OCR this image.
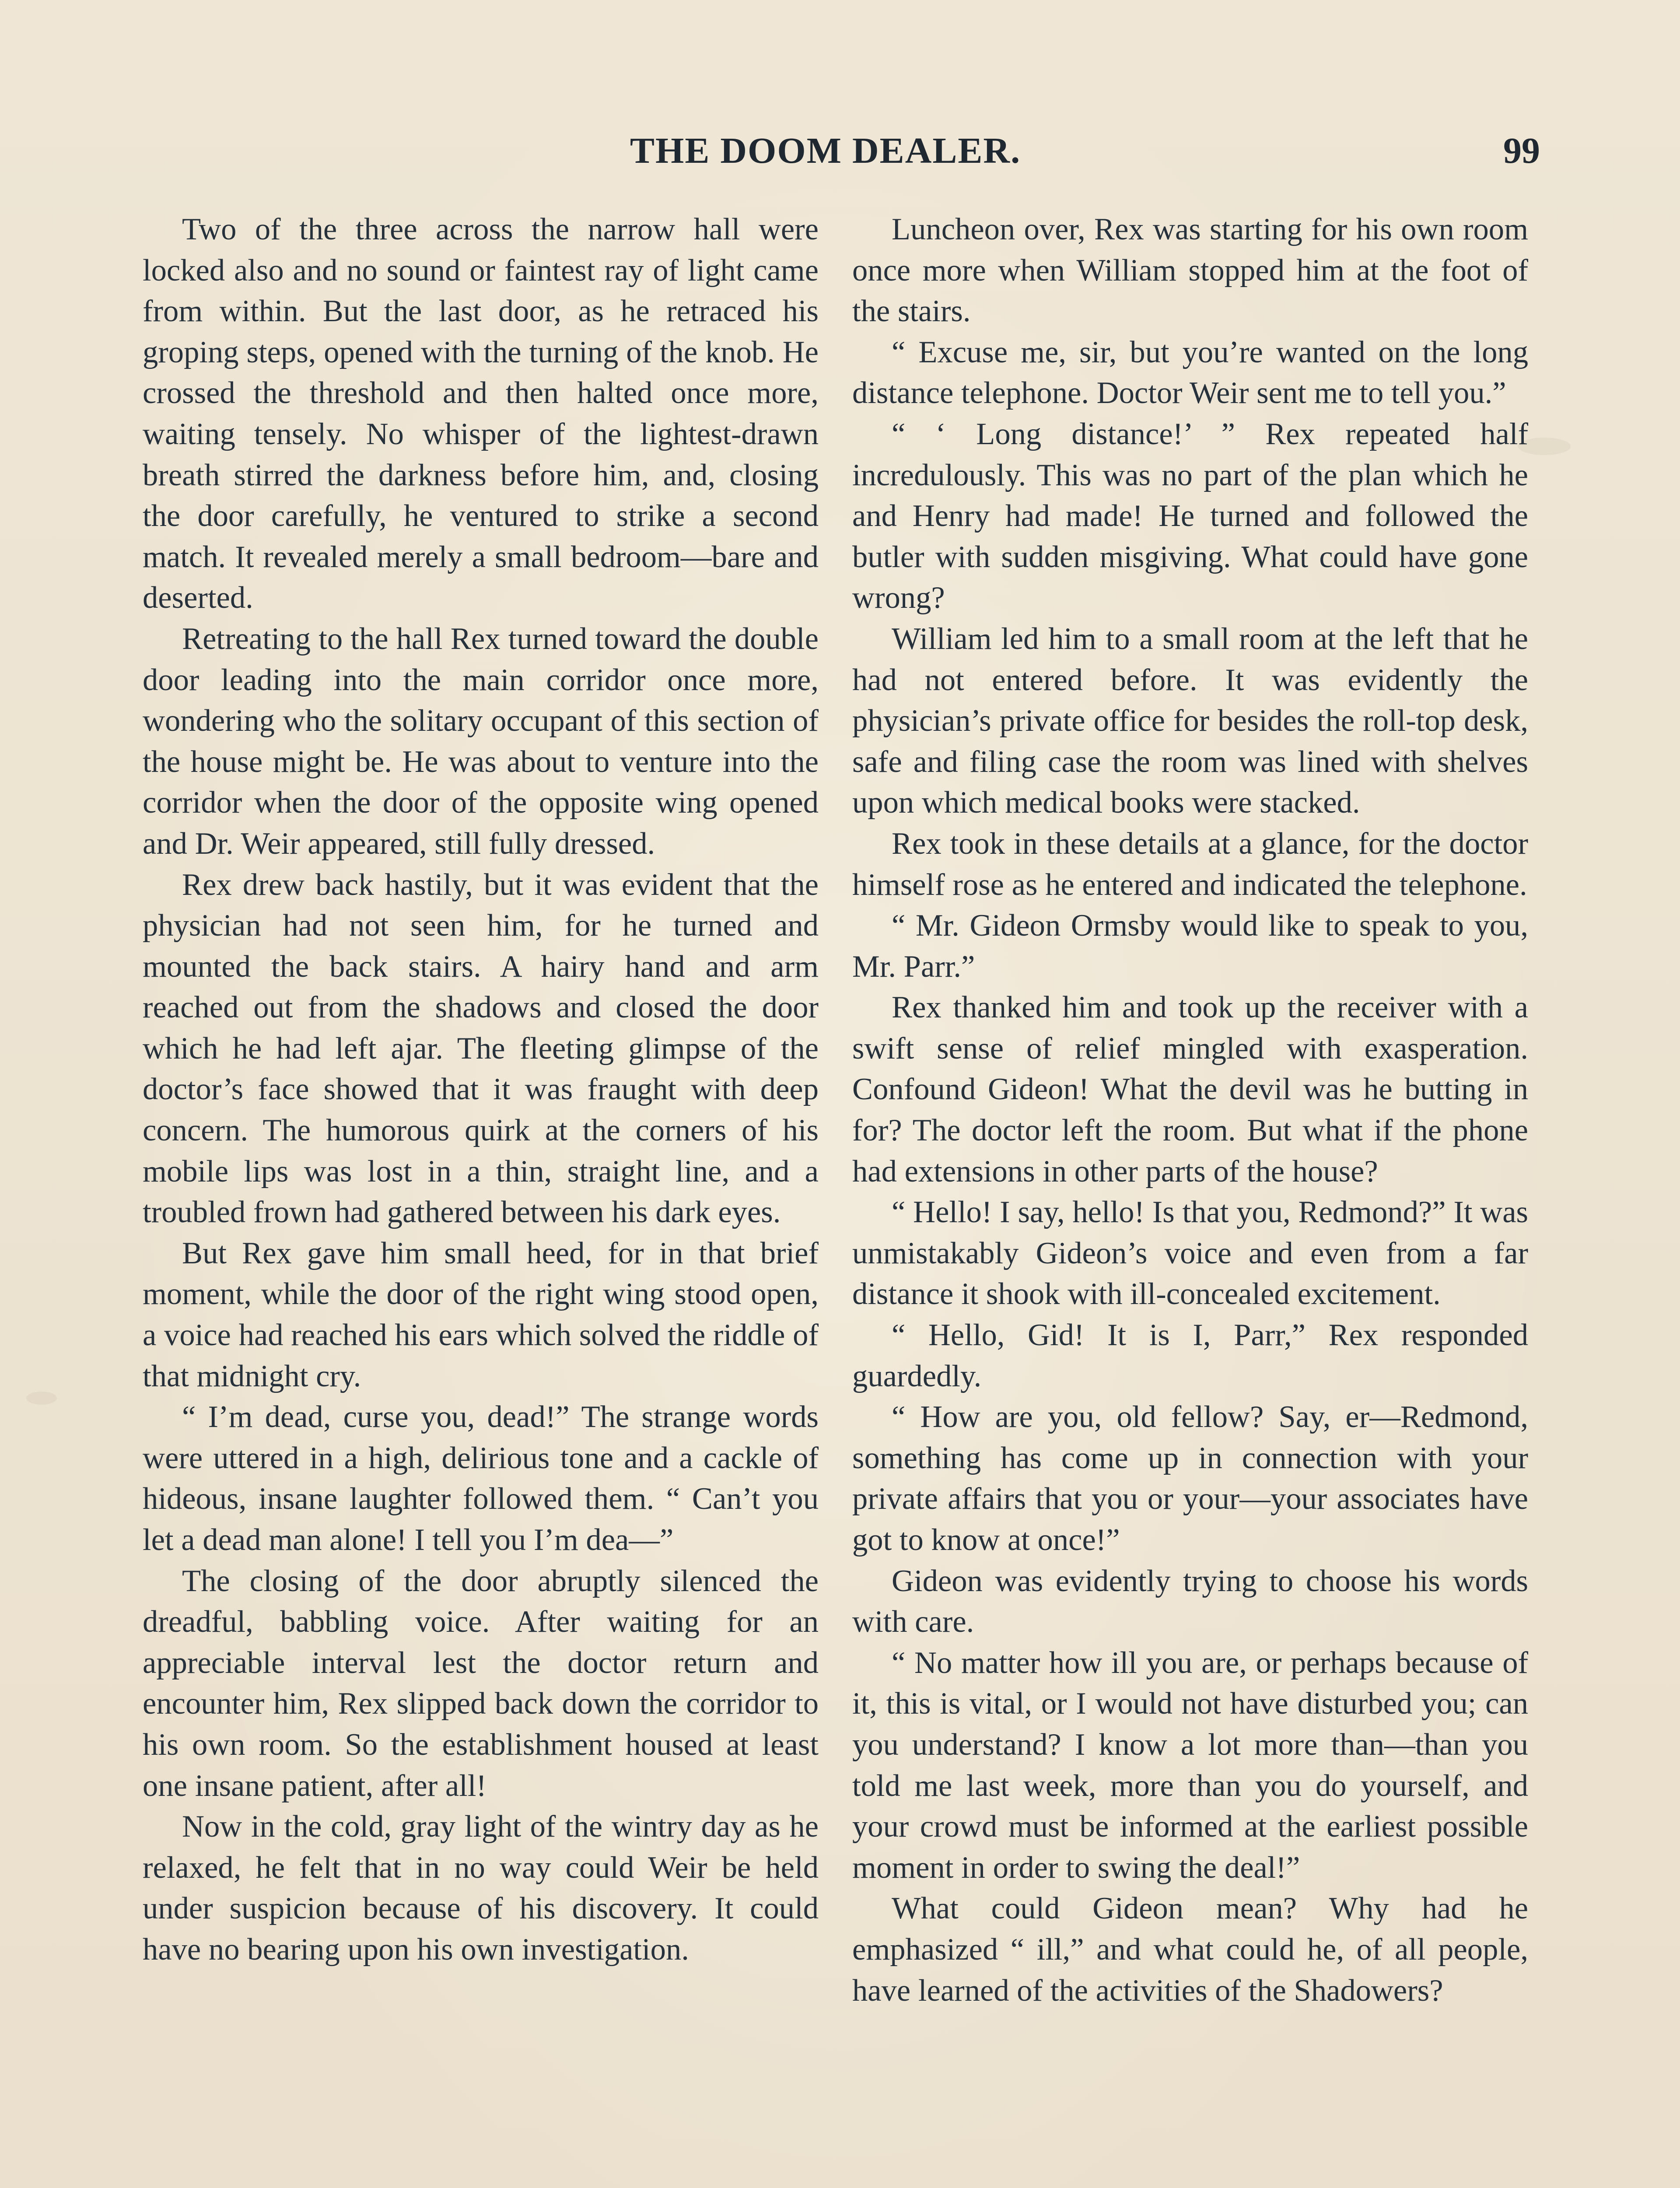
THE DOOM DEALER.	99

Two of the three across the narrow hall were locked also and no sound or faintest ray of light came from within. But the last door, as he retraced his groping steps, opened with the turning of the knob. He crossed the threshold and then halted once more, waiting tensely. No whisper of the lightest-drawn breath stirred the darkness before him, and, closing the door carefully, he ventured to strike a second match. It revealed merely a small bedroom—bare and deserted.

Retreating to the hall Rex turned toward the double door leading into the main corridor once more, wondering who the solitary occupant of this section of the house might be. He was about to venture into the corridor when the door of the opposite wing opened and Dr. Weir appeared, still fully dressed.

Rex drew back hastily, but it was evident that the physician had not seen him, for he turned and mounted the back stairs. A hairy hand and arm reached out from the shadows and closed the door which he had left ajar. The fleeting glimpse of the doctor’s face showed that it was fraught with deep concern. The humorous quirk at the corners of his mobile lips was lost in a thin, straight line, and a troubled frown had gathered between his dark eyes.

But Rex gave him small heed, for in that brief moment, while the door of the right wing stood open, a voice had reached his ears which solved the riddle of that midnight cry.

“ I’m dead, curse you, dead!” The strange words were uttered in a high, delirious tone and a cackle of hideous, insane laughter followed them. “ Can’t you let a dead man alone! I tell you I’m dea—”

The closing of the door abruptly silenced the dreadful, babbling voice. After waiting for an appreciable interval lest the doctor return and encounter him, Rex slipped back down the corridor to his own room. So the establishment housed at least one insane patient, after all!

Now in the cold, gray light of the wintry day as he relaxed, he felt that in no way could Weir be held under suspicion because of his discovery. It could have no bearing upon his own investigation.

Luncheon over, Rex was starting for his own room once more when William stopped him at the foot of the stairs.

“ Excuse me, sir, but you’re wanted on the long distance telephone. Doctor Weir sent me to tell you.”

“ ‘ Long distance!’ ” Rex repeated half incredulously. This was no part of the plan which he and Henry had made! He turned and followed the butler with sudden misgiving. What could have gone wrong?

William led him to a small room at the left that he had not entered before. It was evidently the physician’s private office for besides the roll-top desk, safe and filing case the room was lined with shelves upon which medical books were stacked.

Rex took in these details at a glance, for the doctor himself rose as he entered and indicated the telephone.

“ Mr. Gideon Ormsby would like to speak to you, Mr. Parr.”

Rex thanked him and took up the receiver with a swift sense of relief mingled with exasperation. Confound Gideon! What the devil was he butting in for? The doctor left the room. But what if the phone had extensions in other parts of the house?

“ Hello! I say, hello! Is that you, Redmond?” It was unmistakably Gideon’s voice and even from a far distance it shook with ill-concealed excitement.

“ Hello, Gid! It is I, Parr,” Rex responded guardedly.

“ How are you, old fellow? Say, er—Redmond, something has come up in connection with your private affairs that you or your—your associates have got to know at once!”

Gideon was evidently trying to choose his words with care.

“ No matter how ill you are, or perhaps because of it, this is vital, or I would not have disturbed you; can you understand? I know a lot more than—than you told me last week, more than you do yourself, and your crowd must be informed at the earliest possible moment in order to swing the deal!”

What could Gideon mean? Why had he emphasized “ ill,” and what could he, of all people, have learned of the activities of the Shadowers?
